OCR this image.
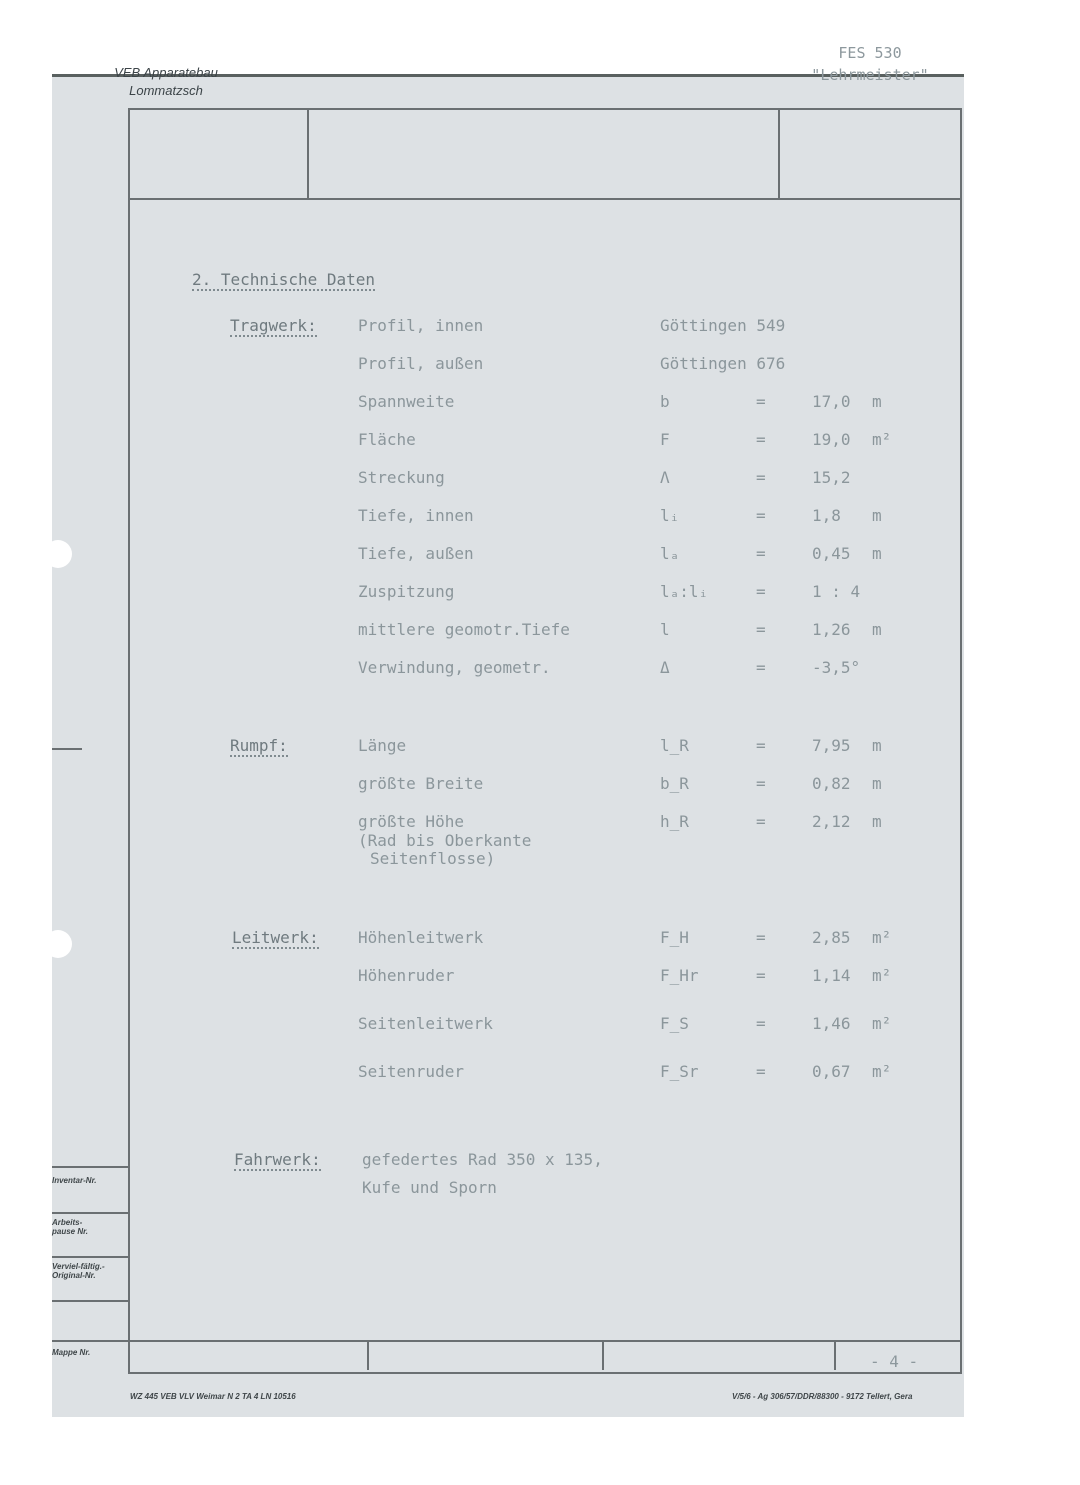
VEB Apparatebau Lommatzsch
FES 530
"Lehrmeister"
2. Technische Daten
Tragwerk:	Profil, innen	Göttingen 549
Profil, außen	Göttingen 676
Spannweite	b	=	17,0 m
Fläche	F	=	19,0 m²
Streckung	Λ	=	15,2
Tiefe, innen	lᵢ	=	1,8 m
Tiefe, außen	lₐ	=	0,45 m
Zuspitzung	lₐ:lᵢ	=	1 : 4
mittlere geomotr.Tiefe	l	=	1,26 m
Verwindung, geometr.	Δ	=	-3,5°
Rumpf:	Länge	l_R	=	7,95 m
größte Breite	b_R	=	0,82 m
größte Höhe	h_R	=	2,12 m
(Rad bis Oberkante
Seitenflosse)
Leitwerk: Höhenleitwerk	F_H	=	2,85 m²
Höhenruder	F_Hr	=	1,14 m²
Seitenleitwerk	F_S	=	1,46 m²
Seitenruder	F_Sr	=	0,67 m²
Fahrwerk:	gefedertes Rad 350 x 135,
Kufe und Sporn
Inventar-Nr.
Arbeits-pause Nr.
Verviel-fältig.-Original-Nr.
Mappe Nr.	- 4 -
WZ 445 VEB VLV Weimar N 2 TA 4 LN 10516	V/5/6 - Ag 306/57/DDR/88300 - 9172 Tellert, Gera
